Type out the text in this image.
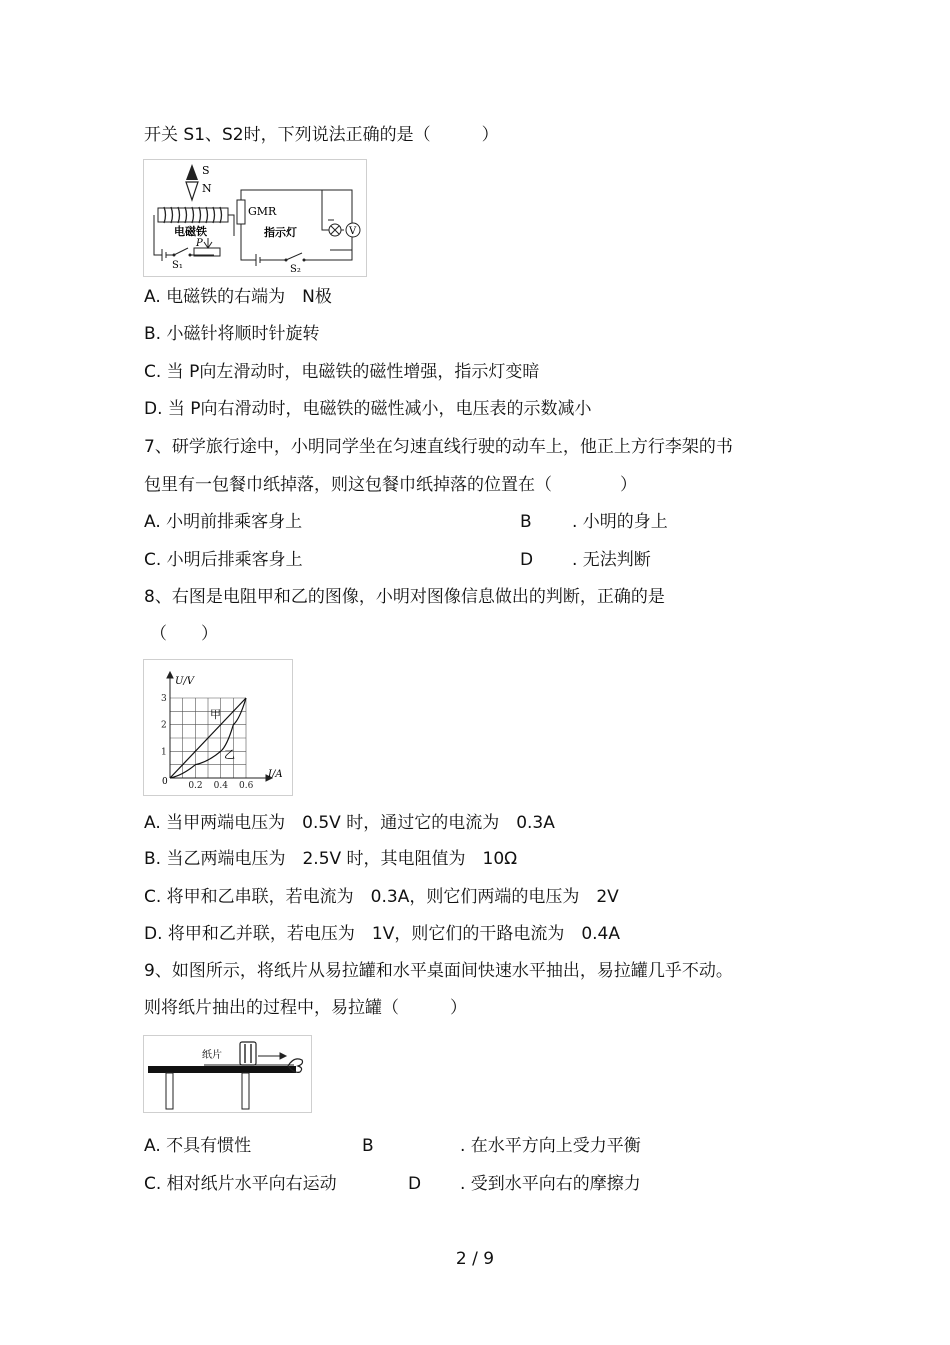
开关 S1、S2时，下列说法正确的是（　　　）
S
N
电磁铁
P
S₁
GMR
指示灯	V
S₂
A. 电磁铁的右端为　N极
B. 小磁针将顺时针旋转
C. 当 P向左滑动时，电磁铁的磁性增强，指示灯变暗
D. 当 P向右滑动时，电磁铁的磁性减小，电压表的示数减小
7、研学旅行途中，小明同学坐在匀速直线行驶的动车上，他正上方行李架的书
包里有一包餐巾纸掉落，则这包餐巾纸掉落的位置在（　　　　）
A. 小明前排乘客身上	B . 小明的身上
C. 小明后排乘客身上	D . 无法判断
8、右图是电阻甲和乙的图像，小明对图像信息做出的判断，正确的是
（　　）
U/V
I/A
0 0.2 0.4 0.6
1
2
3
甲
乙
A. 当甲两端电压为　0.5V 时，通过它的电流为　0.3A
B. 当乙两端电压为　2.5V 时，其电阻值为　10Ω
C. 将甲和乙串联，若电流为　0.3A，则它们两端的电压为　2V
D. 将甲和乙并联，若电压为　1V，则它们的干路电流为　0.4A
9、如图所示，将纸片从易拉罐和水平桌面间快速水平抽出，易拉罐几乎不动。
则将纸片抽出的过程中，易拉罐（　　　）
纸片
A. 不具有惯性	B	. 在水平方向上受力平衡
C. 相对纸片水平向右运动	D . 受到水平向右的摩擦力
2 / 9
